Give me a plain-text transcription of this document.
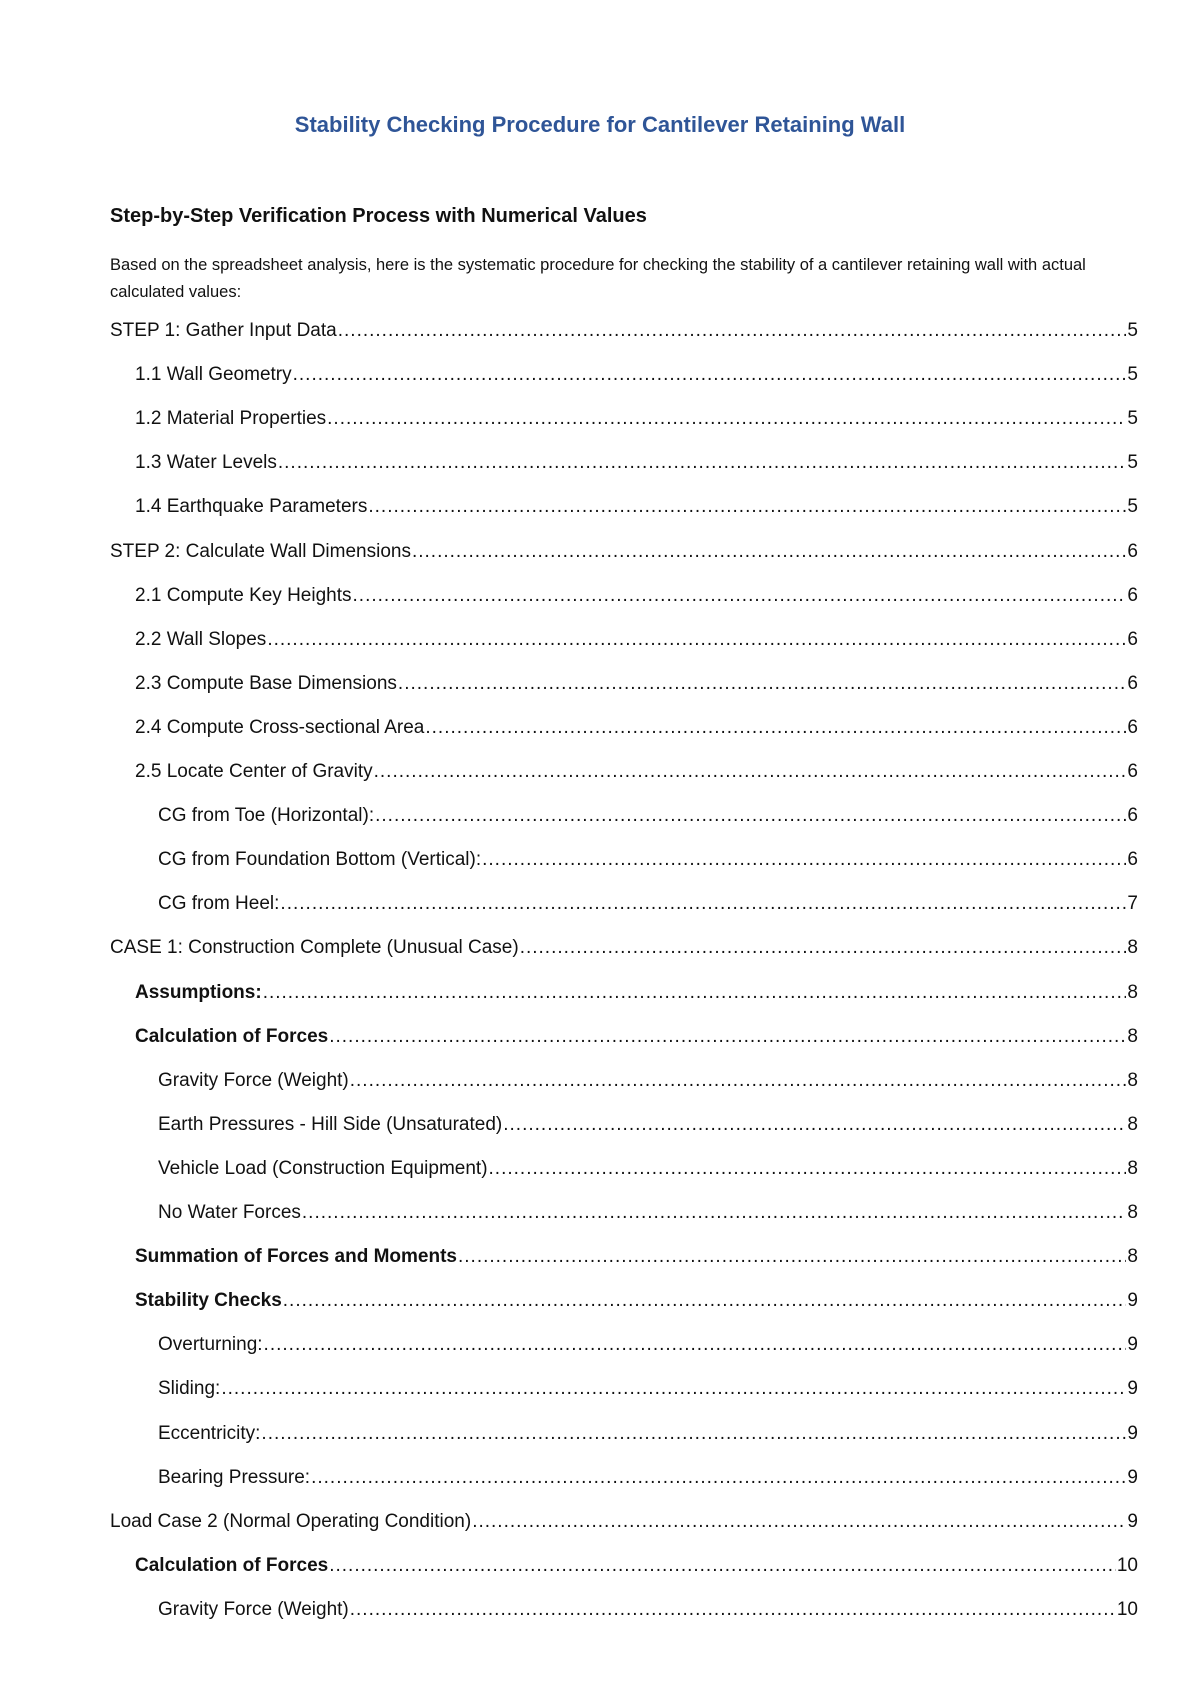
Stability Checking Procedure for Cantilever Retaining Wall
Step-by-Step Verification Process with Numerical Values
Based on the spreadsheet analysis, here is the systematic procedure for checking the stability of a cantilever retaining wall with actual calculated values:
STEP 1: Gather Input Data .....	5
1.1 Wall Geometry .....	5
1.2 Material Properties .....	5
1.3 Water Levels .....	5
1.4 Earthquake Parameters .....	5
STEP 2: Calculate Wall Dimensions .....	6
2.1 Compute Key Heights .....	6
2.2 Wall Slopes .....	6
2.3 Compute Base Dimensions .....	6
2.4 Compute Cross-sectional Area .....	6
2.5 Locate Center of Gravity .....	6
CG from Toe (Horizontal): .....	6
CG from Foundation Bottom (Vertical): .....	6
CG from Heel: .....	7
CASE 1: Construction Complete (Unusual Case) .....	8
Assumptions: .....	8
Calculation of Forces .....	8
Gravity Force (Weight) .....	8
Earth Pressures - Hill Side (Unsaturated) .....	8
Vehicle Load (Construction Equipment) .....	8
No Water Forces .....	8
Summation of Forces and Moments .....	8
Stability Checks .....	9
Overturning: .....	9
Sliding: .....	9
Eccentricity: .....	9
Bearing Pressure: .....	9
Load Case 2 (Normal Operating Condition) .....	9
Calculation of Forces .....	10
Gravity Force (Weight) .....	10
